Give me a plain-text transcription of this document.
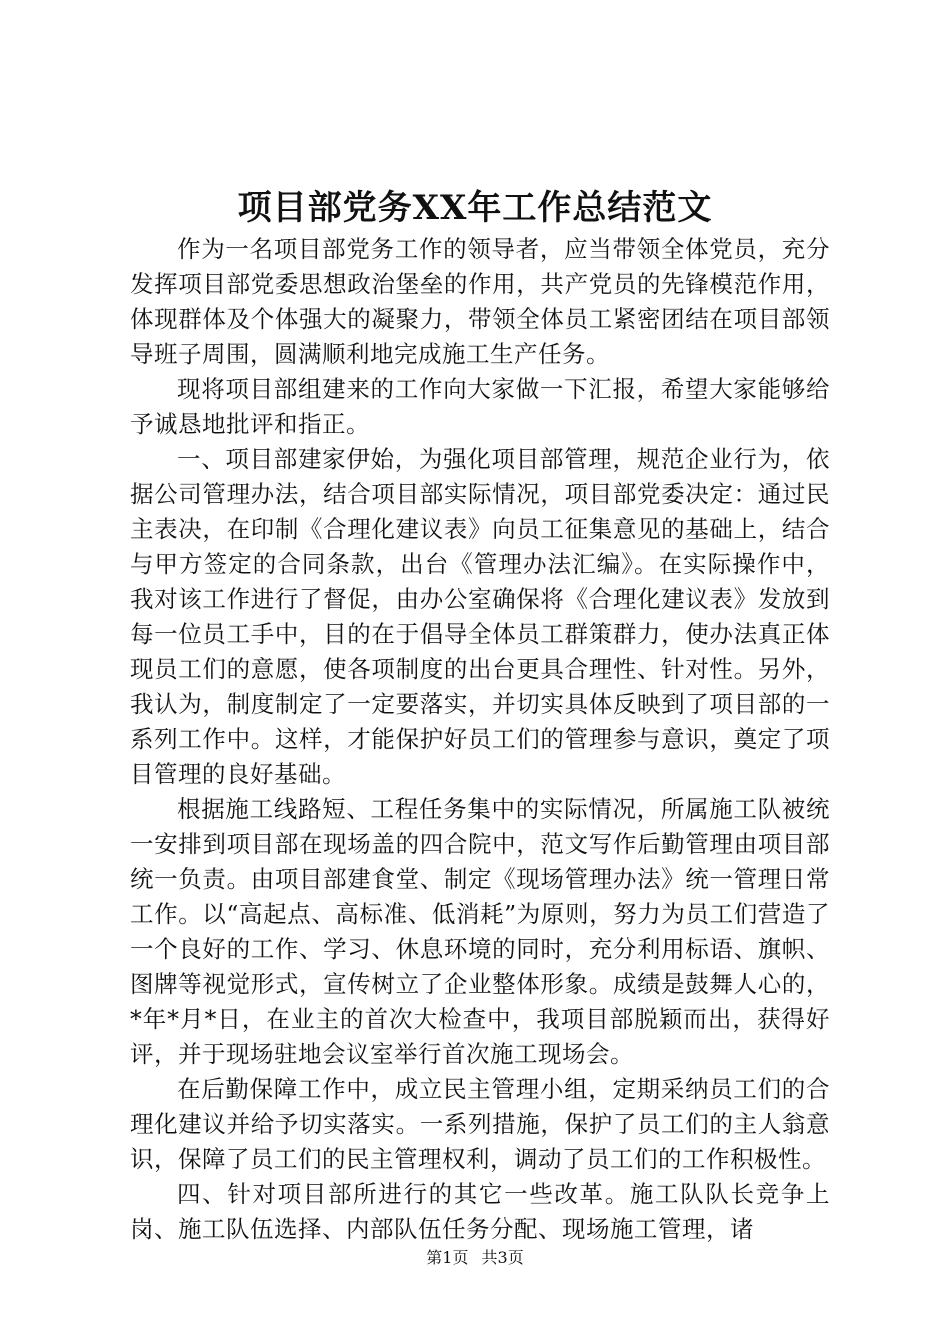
项目部党务XX年工作总结范文

作为一名项目部党务工作的领导者，应当带领全体党员，充分发挥项目部党委思想政治堡垒的作用，共产党员的先锋模范作用，体现群体及个体强大的凝聚力，带领全体员工紧密团结在项目部领导班子周围，圆满顺利地完成施工生产任务。

现将项目部组建来的工作向大家做一下汇报，希望大家能够给予诚恳地批评和指正。

一、项目部建家伊始，为强化项目部管理，规范企业行为，依据公司管理办法，结合项目部实际情况，项目部党委决定：通过民主表决，在印制《合理化建议表》向员工征集意见的基础上，结合与甲方签定的合同条款，出台《管理办法汇编》。在实际操作中，我对该工作进行了督促，由办公室确保将《合理化建议表》发放到每一位员工手中，目的在于倡导全体员工群策群力，使办法真正体现员工们的意愿，使各项制度的出台更具合理性、针对性。另外，我认为，制度制定了一定要落实，并切实具体反映到了项目部的一系列工作中。这样，才能保护好员工们的管理参与意识，奠定了项目管理的良好基础。

根据施工线路短、工程任务集中的实际情况，所属施工队被统一安排到项目部在现场盖的四合院中，范文写作后勤管理由项目部统一负责。由项目部建食堂、制定《现场管理办法》统一管理日常工作。以“高起点、高标准、低消耗”为原则，努力为员工们营造了一个良好的工作、学习、休息环境的同时，充分利用标语、旗帜、图牌等视觉形式，宣传树立了企业整体形象。成绩是鼓舞人心的，*年*月*日，在业主的首次大检查中，我项目部脱颖而出，获得好评，并于现场驻地会议室举行首次施工现场会。

在后勤保障工作中，成立民主管理小组，定期采纳员工们的合理化建议并给予切实落实。一系列措施，保护了员工们的主人翁意识，保障了员工们的民主管理权利，调动了员工们的工作积极性。

四、针对项目部所进行的其它一些改革。施工队队长竞争上岗、施工队伍选择、内部队伍任务分配、现场施工管理，诸

第1页 共3页
